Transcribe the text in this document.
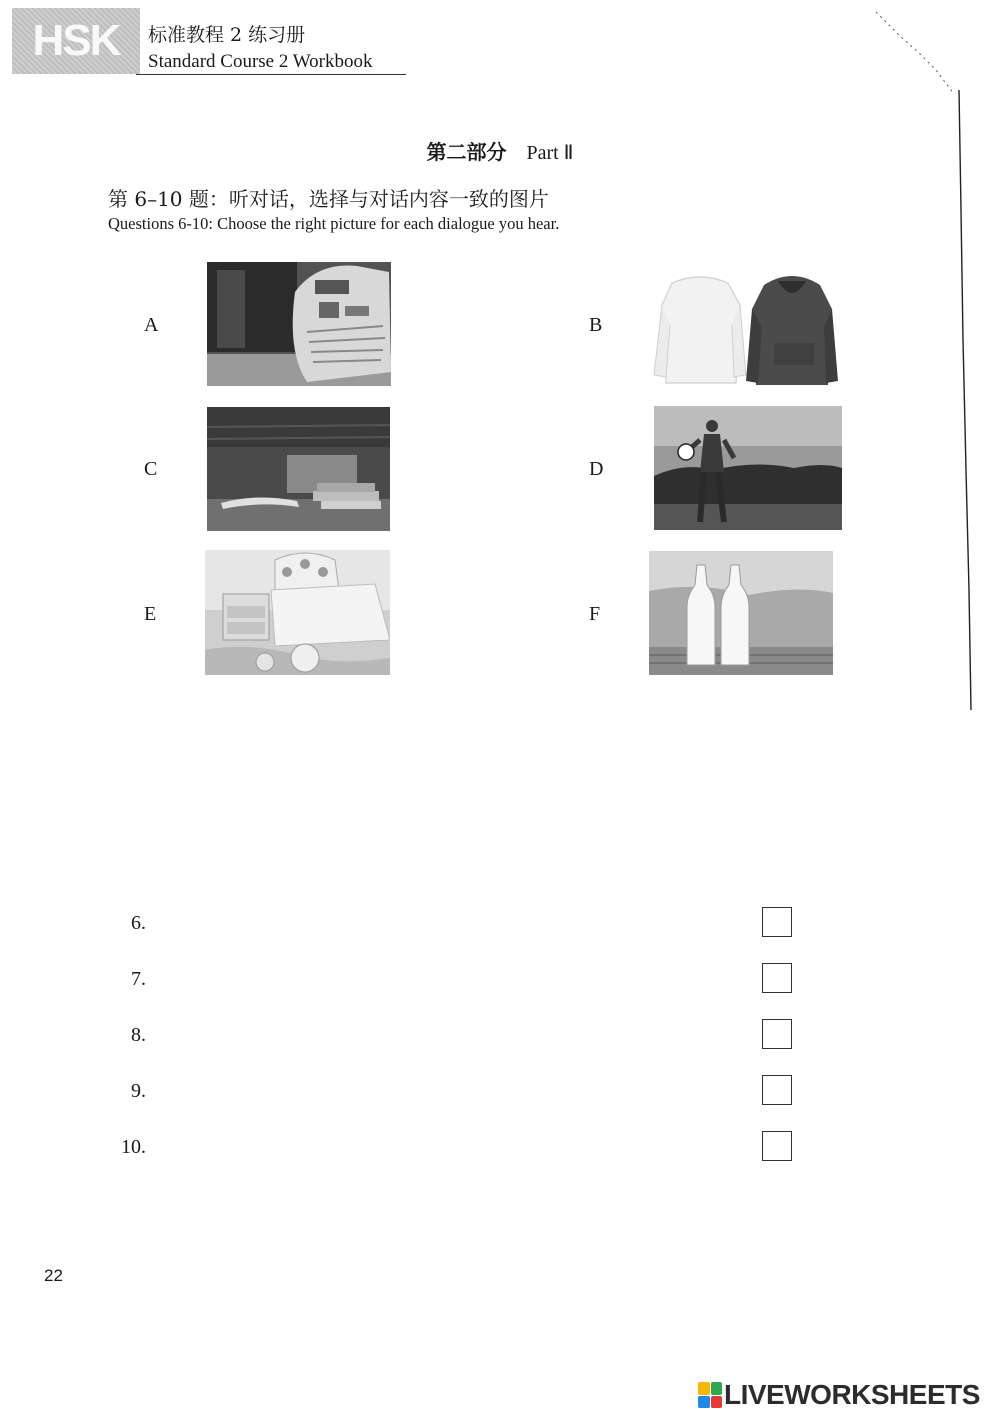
HSK 标准教程 2 练习册
Standard Course 2 Workbook
第二部分 Part Ⅱ
第 6–10 题：听对话，选择与对话内容一致的图片
Questions 6-10: Choose the right picture for each dialogue you hear.
A	B
C	D
E	F
6.
7.
8.
9.
10.
22
LIVEWORKSHEETS
